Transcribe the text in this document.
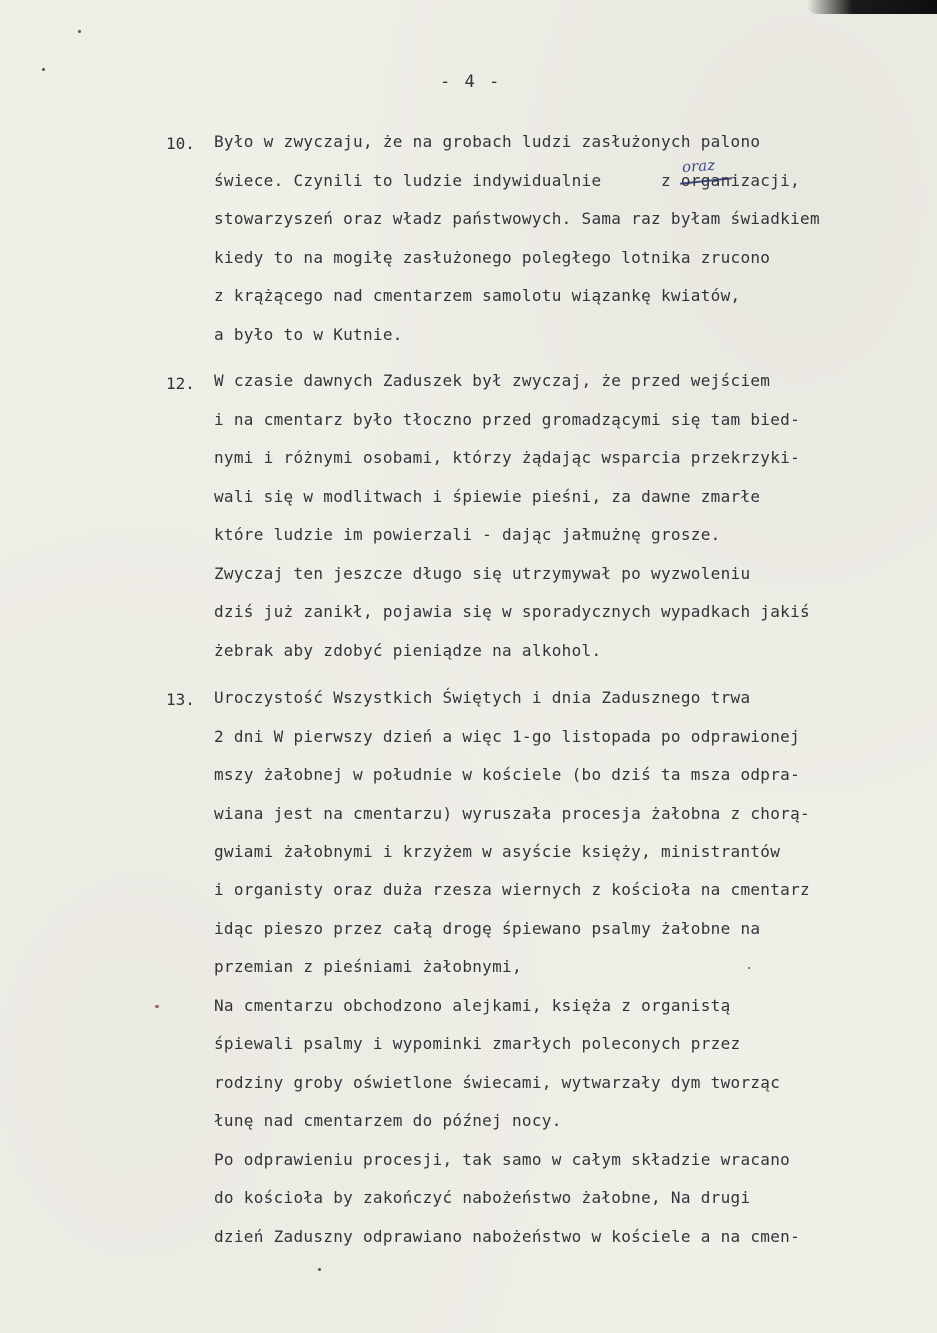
- 4 -
oraz
10. Było w zwyczaju, że na grobach ludzi zasłużonych palono
świece. Czynili to ludzie indywidualnie      z organizacji,
stowarzyszeń oraz władz państwowych. Sama raz byłam świadkiem
kiedy to na mogiłę zasłużonego poległego lotnika zrucono
z krążącego nad cmentarzem samolotu wiązankę kwiatów,
a było to w Kutnie.
12. W czasie dawnych Zaduszek był zwyczaj, że przed wejściem
i na cmentarz było tłoczno przed gromadzącymi się tam bied-
nymi i różnymi osobami, którzy żądając wsparcia przekrzyki-
wali się w modlitwach i śpiewie pieśni, za dawne zmarłe
które ludzie im powierzali - dając jałmużnę grosze.
Zwyczaj ten jeszcze długo się utrzymywał po wyzwoleniu
dziś już zanikł, pojawia się w sporadycznych wypadkach jakiś
żebrak aby zdobyć pieniądze na alkohol.
13. Uroczystość Wszystkich Świętych i dnia Zadusznego trwa
2 dni W pierwszy dzień a więc 1-go listopada po odprawionej
mszy żałobnej w południe w kościele (bo dziś ta msza odpra-
wiana jest na cmentarzu) wyruszała procesja żałobna z chorą-
gwiami żałobnymi i krzyżem w asyście księży, ministrantów
i organisty oraz duża rzesza wiernych z kościoła na cmentarz
idąc pieszo przez całą drogę śpiewano psalmy żałobne na
przemian z pieśniami żałobnymi,
Na cmentarzu obchodzono alejkami, księża z organistą
śpiewali psalmy i wypominki zmarłych poleconych przez
rodziny groby oświetlone świecami, wytwarzały dym tworząc
łunę nad cmentarzem do późnej nocy.
Po odprawieniu procesji, tak samo w całym składzie wracano
do kościoła by zakończyć nabożeństwo żałobne, Na drugi
dzień Zaduszny odprawiano nabożeństwo w kościele a na cmen-
